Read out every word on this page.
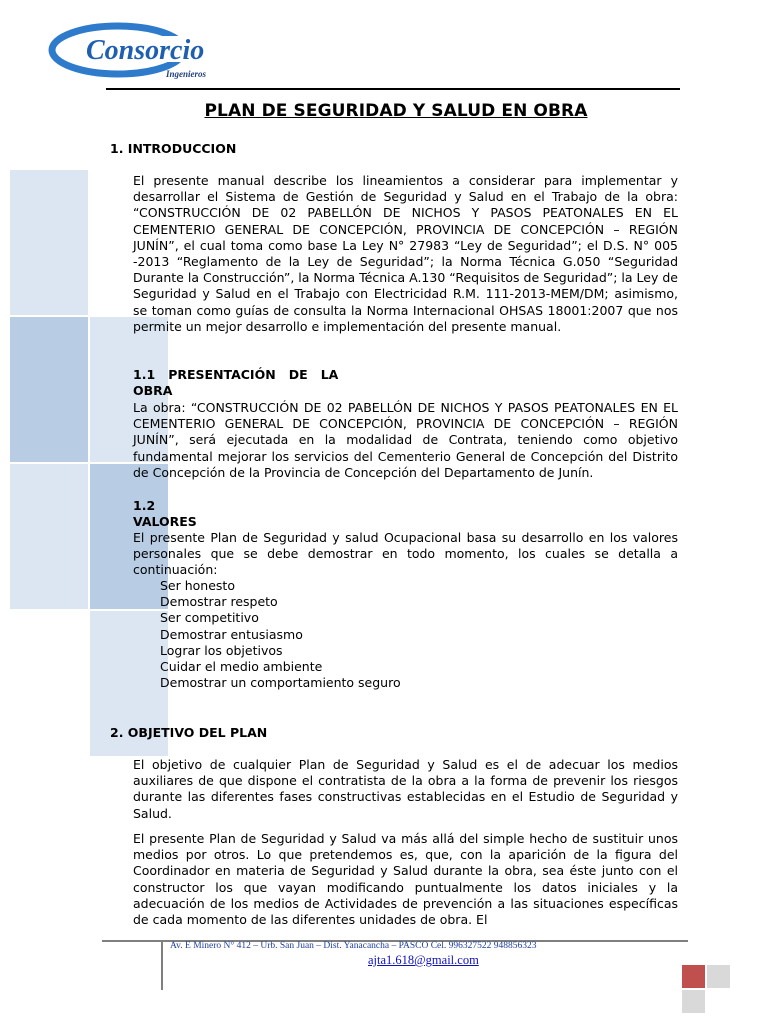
Consorcio
Ingenieros
PLAN DE SEGURIDAD Y SALUD EN OBRA

1. INTRODUCCION

El presente manual describe los lineamientos a considerar para implementar y desarrollar el Sistema de Gestión de Seguridad y Salud en el Trabajo de la obra: “CONSTRUCCIÓN DE 02 PABELLÓN DE NICHOS Y PASOS PEATONALES EN EL CEMENTERIO GENERAL DE CONCEPCIÓN, PROVINCIA DE CONCEPCIÓN – REGIÓN JUNÍN”, el cual toma como base La Ley N° 27983 “Ley de Seguridad”; el D.S. N° 005 -2013 “Reglamento de la Ley de Seguridad”; la Norma Técnica G.050 “Seguridad Durante la Construcción”, la Norma Técnica A.130 “Requisitos de Seguridad”; la Ley de Seguridad y Salud en el Trabajo con Electricidad R.M. 111-2013-MEM/DM; asimismo, se toman como guías de consulta la Norma Internacional OHSAS 18001:2007 que nos permite un mejor desarrollo e implementación del presente manual.

1.1   PRESENTACIÓN   DE   LA
OBRA

La obra: “CONSTRUCCIÓN DE 02 PABELLÓN DE NICHOS Y PASOS PEATONALES EN EL CEMENTERIO GENERAL DE CONCEPCIÓN, PROVINCIA DE CONCEPCIÓN – REGIÓN JUNÍN”, será ejecutada en la modalidad de Contrata, teniendo como objetivo fundamental mejorar los servicios del Cementerio General de Concepción del Distrito de Concepción de la Provincia de Concepción del Departamento de Junín.

1.2
VALORES

El presente Plan de Seguridad y salud Ocupacional basa su desarrollo en los valores personales que se debe demostrar en todo momento, los cuales se detalla a continuación:

Ser honesto
Demostrar respeto
Ser competitivo
Demostrar entusiasmo
Lograr los objetivos
Cuidar el medio ambiente
Demostrar un comportamiento seguro

2. OBJETIVO DEL PLAN

El objetivo de cualquier Plan de Seguridad y Salud es el de adecuar los medios auxiliares de que dispone el contratista de la obra a la forma de prevenir los riesgos durante las diferentes fases constructivas establecidas en el Estudio de Seguridad y Salud.

El presente Plan de Seguridad y Salud va más allá del simple hecho de sustituir unos medios por otros. Lo que pretendemos es, que, con la aparición de la figura del Coordinador en materia de Seguridad y Salud durante la obra, sea éste junto con el constructor los que vayan modificando puntualmente los datos iniciales y la adecuación de los medios de Actividades de prevención a las situaciones específicas de cada momento de las diferentes unidades de obra. El

Av. E Minero N° 412 – Urb. San Juan – Dist. Yanacancha – PASCO Cel. 996327522 948856323

ajta1.618@gmail.com
